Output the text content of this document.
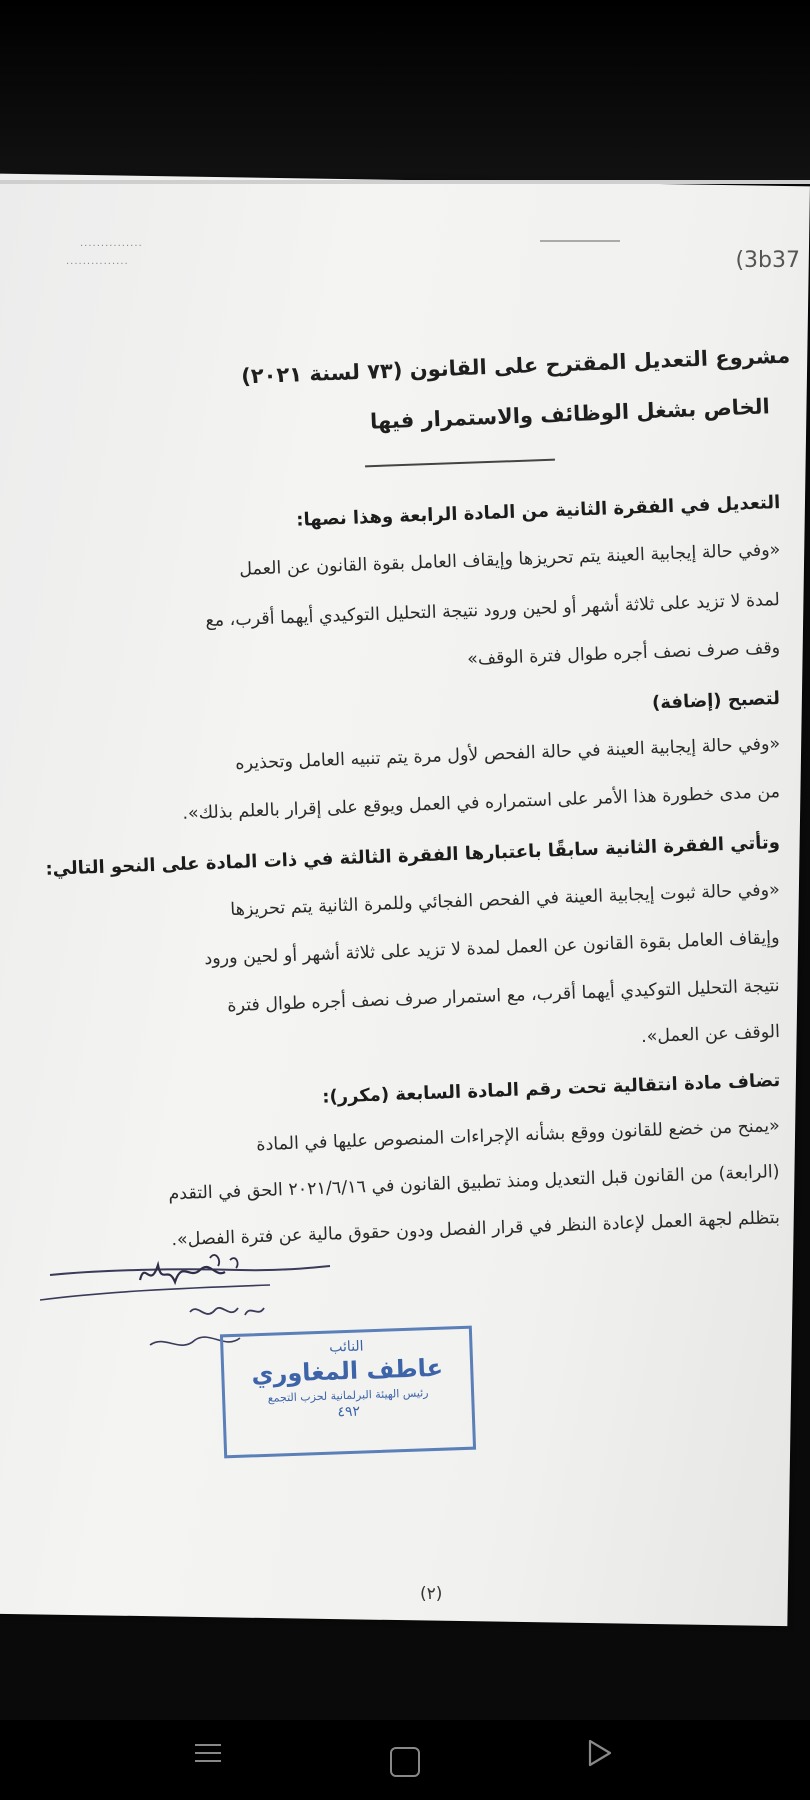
...............
...............	(3b37
مشروع التعديل المقترح على القانون (٧٣ لسنة ٢٠٢١)
الخاص بشغل الوظائف والاستمرار فيها
التعديل في الفقرة الثانية من المادة الرابعة وهذا نصها:
«وفي حالة إيجابية العينة يتم تحريزها وإيقاف العامل بقوة القانون عن العمل
لمدة لا تزيد على ثلاثة أشهر أو لحين ورود نتيجة التحليل التوكيدي أيهما أقرب، مع
وقف صرف نصف أجره طوال فترة الوقف»
لتصبح (إضافة)
«وفي حالة إيجابية العينة في حالة الفحص لأول مرة يتم تنبيه العامل وتحذيره
من مدى خطورة هذا الأمر على استمراره في العمل ويوقع على إقرار بالعلم بذلك».
وتأتي الفقرة الثانية سابقًا باعتبارها الفقرة الثالثة في ذات المادة على النحو التالي:
«وفي حالة ثبوت إيجابية العينة في الفحص الفجائي وللمرة الثانية يتم تحريزها
وإيقاف العامل بقوة القانون عن العمل لمدة لا تزيد على ثلاثة أشهر أو لحين ورود
نتيجة التحليل التوكيدي أيهما أقرب، مع استمرار صرف نصف أجره طوال فترة
الوقف عن العمل».
تضاف مادة انتقالية تحت رقم المادة السابعة (مكرر):
«يمنح من خضع للقانون ووقع بشأنه الإجراءات المنصوص عليها في المادة
(الرابعة) من القانون قبل التعديل ومنذ تطبيق القانون في ٢٠٢١/٦/١٦ الحق في التقدم
بتظلم لجهة العمل لإعادة النظر في قرار الفصل ودون حقوق مالية عن فترة الفصل».
النائب
عاطف المغاوري
رئيس الهيئة البرلمانية لحزب التجمع
٤٩٢
(٢)
